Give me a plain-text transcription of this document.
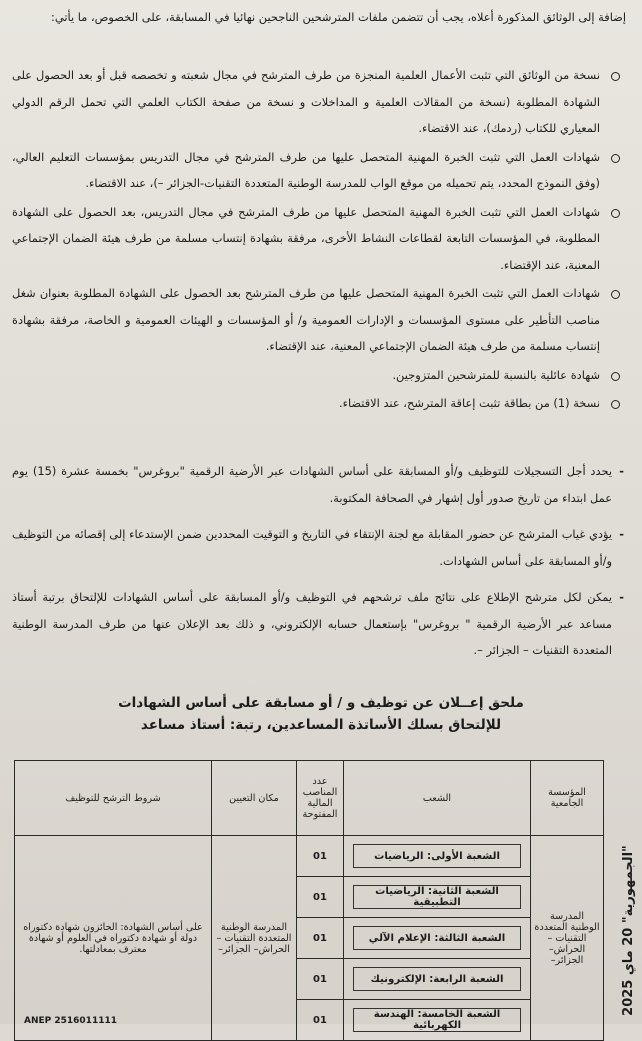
إضافة إلى الوثائق المذكورة أعلاه، يجب أن تتضمن ملفات المترشحين الناجحين نهائيا في المسابقة، على الخصوص، ما يأتي:
نسخة من الوثائق التي تثبت الأعمال العلمية المنجزة من طرف المترشح في مجال شعبته و تخصصه قبل أو بعد الحصول على الشهادة المطلوبة (نسخة من المقالات العلمية و المداخلات و نسخة من صفحة الكتاب العلمي التي تحمل الرقم الدولي المعياري للكتاب (ردمك)، عند الاقتضاء.
شهادات العمل التي تثبت الخبرة المهنية المتحصل عليها من طرف المترشح في مجال التدريس بمؤسسات التعليم العالي، (وفق النموذج المحدد، يتم تحميله من موقع الواب للمدرسة الوطنية المتعددة التقنيات-الجزائر –)، عند الاقتضاء.
شهادات العمل التي تثبت الخبرة المهنية المتحصل عليها من طرف المترشح في مجال التدريس، بعد الحصول على الشهادة المطلوبة، في المؤسسات التابعة لقطاعات النشاط الأخرى، مرفقة بشهادة إنتساب مسلمة من طرف هيئة الضمان الإجتماعي المعنية، عند الإقتضاء.
شهادات العمل التي تثبت الخبرة المهنية المتحصل عليها من طرف المترشح بعد الحصول على الشهادة المطلوبة بعنوان شغل مناصب التأطير على مستوى المؤسسات و الإدارات العمومية و/ أو المؤسسات و الهيئات العمومية و الخاصة، مرفقة بشهادة إنتساب مسلمة من طرف هيئة الضمان الإجتماعي المعنية، عند الإقتضاء.
شهادة عائلية بالنسبة للمترشحين المتزوجين.
نسخة (1) من بطاقة تثبت إعاقة المترشح، عند الاقتضاء.
- يحدد أجل التسجيلات للتوظيف و/أو المسابقة على أساس الشهادات عبر الأرضية الرقمية "بروغرس" بخمسة عشرة (15) يوم عمل ابتداء من تاريخ صدور أول إشهار في الصحافة المكتوبة.
- يؤدي غياب المترشح عن حضور المقابلة مع لجنة الإنتقاء في التاريخ و التوقيت المحددين ضمن الإستدعاء إلى إقصائه من التوظيف و/أو المسابقة على أساس الشهادات.
- يمكن لكل مترشح الإطلاع على نتائج ملف ترشحهم في التوظيف و/أو المسابقة على أساس الشهادات للإلتحاق برتبة أستاذ مساعد عبر الأرضية الرقمية " بروغرس" بإستعمال حسابه الإلكتروني، و ذلك بعد الإعلان عنها من طرف المدرسة الوطنية المتعددة التقنيات – الجزائر –.
ملحق إعــلان عن توظيف و / أو مسابقة على أساس الشهادات
للإلتحاق بسلك الأساتذة المساعدين، رتبة: أستاذ مساعد
المؤسسة الجامعية	الشعب	عدد المناصب المالية المفتوحة	مكان التعيين	شروط الترشح للتوظيف
المدرسة الوطنية المتعددة التقنيات –الحراش–الجزائر–	الشعبة الأولى: الرياضيات	01	المدرسة الوطنية المتعددة التقنيات –الحراش– الجزائر–	على أساس الشهادة: الحائزون شهادة دكتوراه دولة أو شهادة دكتوراه في العلوم أو شهادة معترف بمعادلتها.

الشعبة الثانية: الرياضيات التطبيقية	01		

الشعبة الثالثة: الإعلام الآلي	01		

الشعبة الرابعة: الإلكترونيك	01		

الشعبة الخامسة: الهندسة الكهربائية	01		
"الجمهورية" 20 ماي 2025
ANEP 2516011111
